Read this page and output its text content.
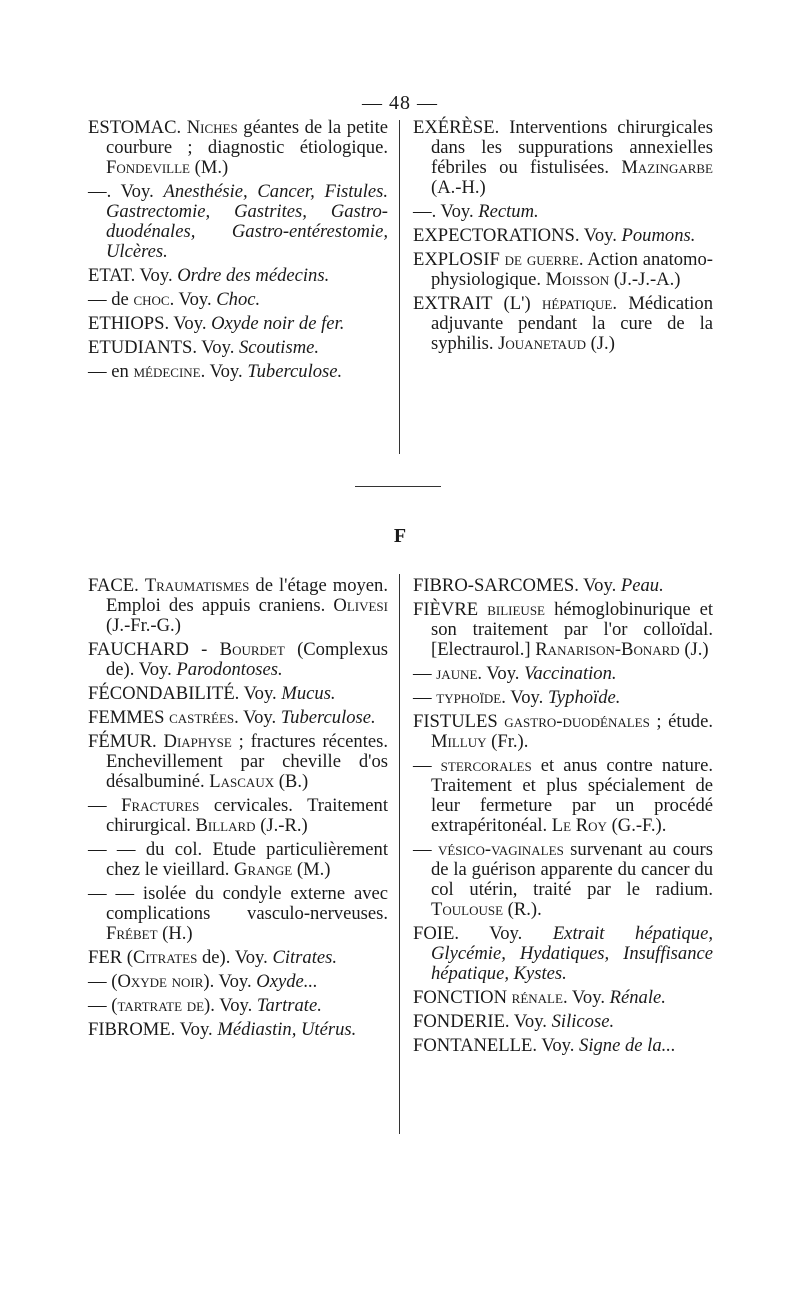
— 48 —

ESTOMAC. Niches géantes de la petite courbure ; diagnostic étiologique. Fondeville (M.)

—. Voy. Anesthésie, Cancer, Fistules. Gastrectomie, Gastrites, Gastro-duodénales, Gastro-entérestomie, Ulcères.

ETAT. Voy. Ordre des médecins.

— de choc. Voy. Choc.

ETHIOPS. Voy. Oxyde noir de fer.

ETUDIANTS. Voy. Scoutisme.

— en médecine. Voy. Tuberculose.

EXÉRÈSE. Interventions chirurgicales dans les suppurations annexielles fébriles ou fistulisées. Mazingarbe (A.-H.)

—. Voy. Rectum.

EXPECTORATIONS. Voy. Poumons.

EXPLOSIF de guerre. Action anatomo-physiologique. Moisson (J.-J.-A.)

EXTRAIT (L') hépatique. Médication adjuvante pendant la cure de la syphilis. Jouanetaud (J.)

F

FACE. Traumatismes de l'étage moyen. Emploi des appuis craniens. Olivesi (J.-Fr.-G.)

FAUCHARD - Bourdet (Complexus de). Voy. Parodontoses.

FÉCONDABILITÉ. Voy. Mucus.

FEMMES castrées. Voy. Tuberculose.

FÉMUR. Diaphyse ; fractures récentes. Enchevillement par cheville d'os désalbuminé. Lascaux (B.)

— Fractures cervicales. Traitement chirurgical. Billard (J.-R.)

— — du col. Etude particulièrement chez le vieillard. Grange (M.)

— — isolée du condyle externe avec complications vasculo-nerveuses. Frébet (H.)

FER (Citrates de). Voy. Citrates.

— (Oxyde noir). Voy. Oxyde...

— (tartrate de). Voy. Tartrate.

FIBROME. Voy. Médiastin, Utérus.

FIBRO-SARCOMES. Voy. Peau.

FIÈVRE bilieuse hémoglobinurique et son traitement par l'or colloïdal. [Electraurol.] Ranarison-Bonard (J.)

— jaune. Voy. Vaccination.

— typhoïde. Voy. Typhoïde.

FISTULES gastro-duodénales ; étude. Milluy (Fr.).

— stercorales et anus contre nature. Traitement et plus spécialement de leur fermeture par un procédé extrapéritonéal. Le Roy (G.-F.).

— vésico-vaginales survenant au cours de la guérison apparente du cancer du col utérin, traité par le radium. Toulouse (R.).

FOIE. Voy. Extrait hépatique, Glycémie, Hydatiques, Insuffisance hépatique, Kystes.

FONCTION rénale. Voy. Rénale.

FONDERIE. Voy. Silicose.

FONTANELLE. Voy. Signe de la...
